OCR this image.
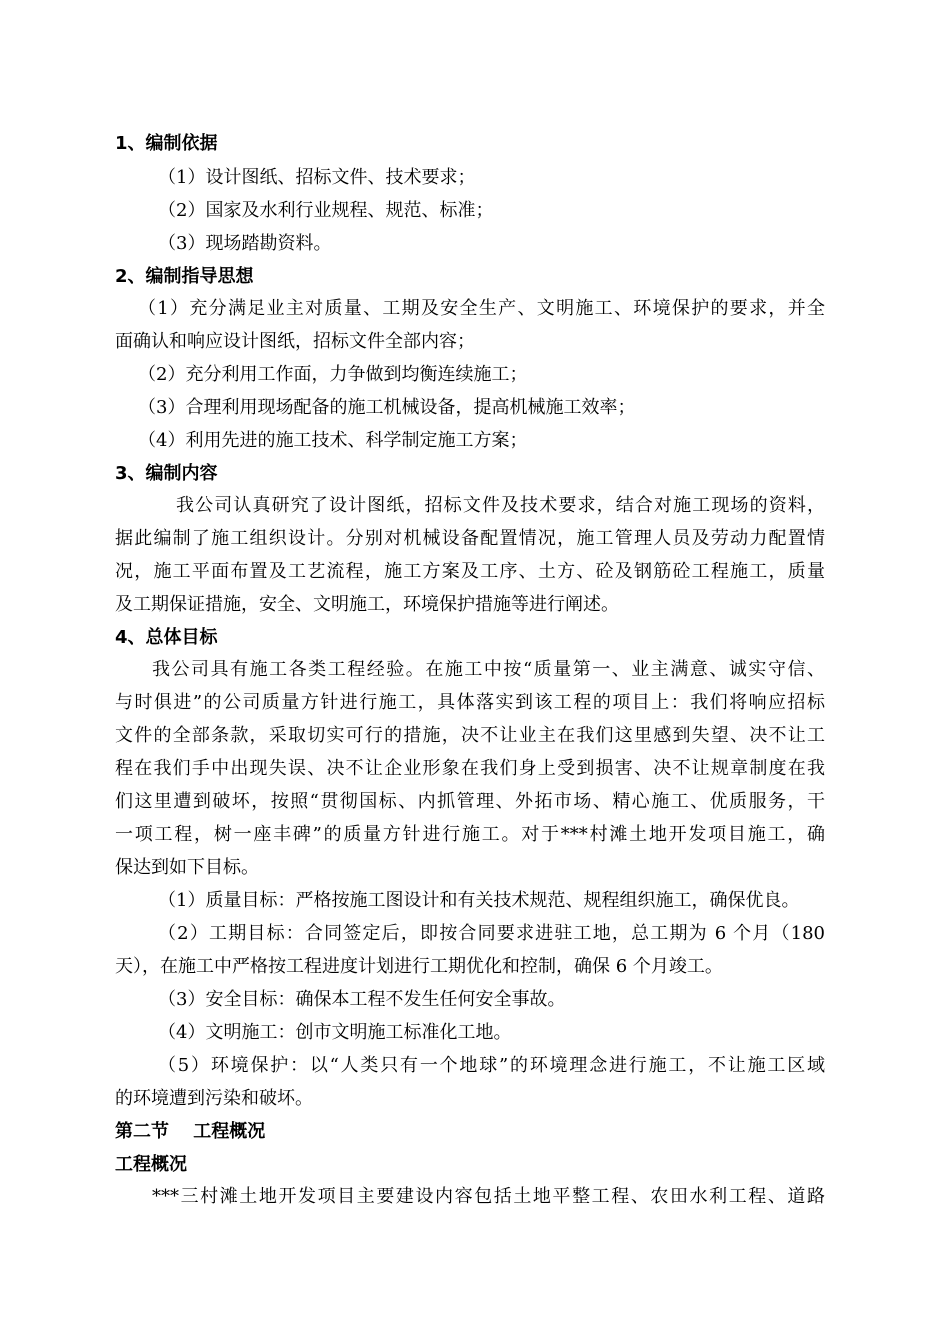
1、编制依据
（1）设计图纸、招标文件、技术要求；
（2）国家及水利行业规程、规范、标准；
（3）现场踏勘资料。
2、编制指导思想
（1）充分满足业主对质量、工期及安全生产、文明施工、环境保护的要求，并全
面确认和响应设计图纸，招标文件全部内容；
（2）充分利用工作面，力争做到均衡连续施工；
（3）合理利用现场配备的施工机械设备，提高机械施工效率；
（4）利用先进的施工技术、科学制定施工方案；
3、编制内容
我公司认真研究了设计图纸，招标文件及技术要求，结合对施工现场的资料，
据此编制了施工组织设计。分别对机械设备配置情况，施工管理人员及劳动力配置情
况，施工平面布置及工艺流程，施工方案及工序、土方、砼及钢筋砼工程施工，质量
及工期保证措施，安全、文明施工，环境保护措施等进行阐述。
4、总体目标
我公司具有施工各类工程经验。在施工中按“质量第一、业主满意、诚实守信、
与时俱进”的公司质量方针进行施工，具体落实到该工程的项目上：我们将响应招标
文件的全部条款，采取切实可行的措施，决不让业主在我们这里感到失望、决不让工
程在我们手中出现失误、决不让企业形象在我们身上受到损害、决不让规章制度在我
们这里遭到破坏，按照“贯彻国标、内抓管理、外拓市场、精心施工、优质服务，干
一项工程，树一座丰碑”的质量方针进行施工。对于***村滩土地开发项目施工，确
保达到如下目标。
（1）质量目标：严格按施工图设计和有关技术规范、规程组织施工，确保优良。
（2）工期目标：合同签定后，即按合同要求进驻工地，总工期为 6 个月（180
天），在施工中严格按工程进度计划进行工期优化和控制，确保 6 个月竣工。
（3）安全目标：确保本工程不发生任何安全事故。
（4）文明施工：创市文明施工标准化工地。
（5）环境保护：以“人类只有一个地球”的环境理念进行施工，不让施工区域
的环境遭到污染和破坏。
第二节　 工程概况
工程概况
***三村滩土地开发项目主要建设内容包括土地平整工程、农田水利工程、道路
